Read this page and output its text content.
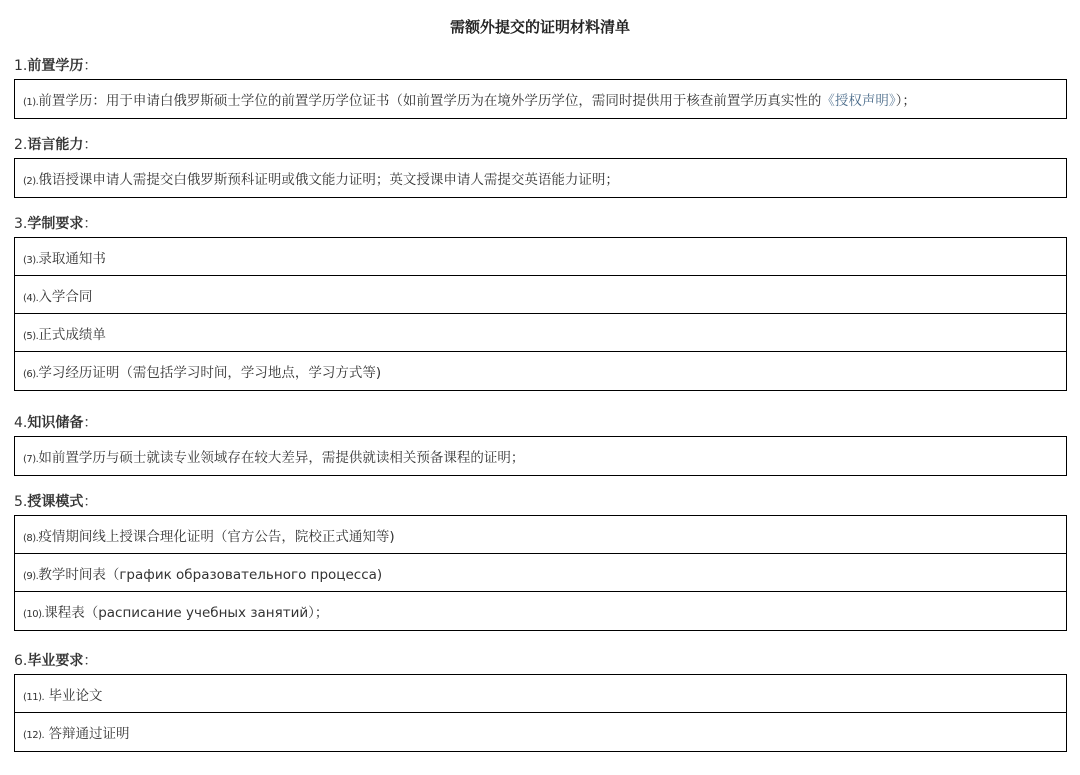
需额外提交的证明材料清单
1.前置学历：
(1).前置学历：用于申请白俄罗斯硕士学位的前置学历学位证书（如前置学历为在境外学历学位，需同时提供用于核查前置学历真实性的《授权声明》）；
2.语言能力：
(2).俄语授课申请人需提交白俄罗斯预科证明或俄文能力证明；英文授课申请人需提交英语能力证明；
3.学制要求：
(3).录取通知书
(4).入学合同
(5).正式成绩单
(6).学习经历证明（需包括学习时间，学习地点，学习方式等)
4.知识储备：
(7).如前置学历与硕士就读专业领域存在较大差异，需提供就读相关预备课程的证明；
5.授课模式：
(8).疫情期间线上授课合理化证明（官方公告，院校正式通知等)
(9).教学时间表（график образовательного процесса)
(10).课程表（расписание учебных занятий）；
6.毕业要求：
(11). 毕业论文
(12). 答辩通过证明
